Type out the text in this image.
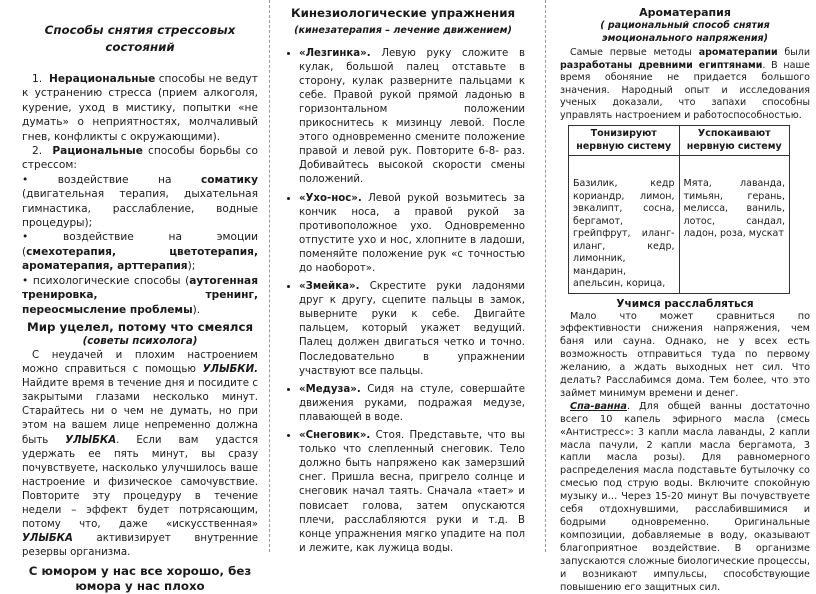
Способы снятия стрессовых состояний

1. Нерациональные способы не ведут к устранению стресса (прием алкоголя, курение, уход в мистику, попытки «не думать» о неприятностях, молчаливый гнев, конфликты с окружающими).

2. Рациональные способы борьбы со стрессом:

• воздействие на соматику (двигательная терапия, дыхательная гимнастика, расслабление, водные процедуры);

• воздействие на эмоции (смехотерапия, цветотерапия, ароматерапия, арттерапия);

• психологические способы (аутогенная тренировка, тренинг, переосмысление проблемы).

Мир уцелел, потому что смеялся

(советы психолога)

С неудачей и плохим настроением можно справиться с помощью УЛЫБКИ. Найдите время в течение дня и посидите с закрытыми глазами несколько минут. Старайтесь ни о чем не думать, но при этом на вашем лице непременно должна быть УЛЫБКА. Если вам удастся удержать ее пять минут, вы сразу почувствуете, насколько улучшилось ваше настроение и физическое самочувствие. Повторите эту процедуру в течение недели – эффект будет потрясающим, потому что, даже «искусственная» УЛЫБКА активизирует внутренние резервы организма.

С юмором у нас все хорошо, без юмора у нас плохо

Кинезиологические упражнения

(кинезатерапия – лечение движением)

• «Лезгинка». Левую руку сложите в кулак, большой палец отставьте в сторону, кулак разверните пальцами к себе. Правой рукой прямой ладонью в горизонтальном положении прикоснитесь к мизинцу левой. После этого одновременно смените положение правой и левой рук. Повторите 6-8- раз. Добивайтесь высокой скорости смены положений.
• «Ухо-нос». Левой рукой возьмитесь за кончик носа, а правой рукой за противоположное ухо. Одновременно отпустите ухо и нос, хлопните в ладоши, поменяйте положение рук «с точностью до наоборот».
• «Змейка». Скрестите руки ладонями друг к другу, сцепите пальцы в замок, выверните руки к себе. Двигайте пальцем, который укажет ведущий. Палец должен двигаться четко и точно. Последовательно в упражнении участвуют все пальцы.
• «Медуза». Сидя на стуле, совершайте движения руками, подражая медузе, плавающей в воде.
• «Снеговик». Стоя. Представьте, что вы только что слепленный снеговик. Тело должно быть напряжено как замерзший снег. Пришла весна, пригрело солнце и снеговик начал таять. Сначала «тает» и повисает голова, затем опускаются плечи, расслабляются руки и т.д. В конце упражнения мягко упадите на пол и лежите, как лужица воды.

Ароматерапия

( рациональный способ снятия эмоционального напряжения)

Самые первые методы ароматерапии были разработаны древними египтянами. В наше время обоняние не придается большого значения. Народный опыт и исследования ученых доказали, что запахи способны управлять настроением и работоспособностью.

Тонизируют нервную систему	Успокаивают нервную систему
Базилик, кедр кориандр, лимон, эвкалипт, сосна, бергамот, грейпфрут, иланг-иланг, кедр, лимонник, мандарин, апельсин, корица,	Мята, лаванда, тимьян, герань, мелисса, ваниль, лотос, сандал, ладон, роза, мускат

Учимся расслабляться

Мало что может сравниться по эффективности снижения напряжения, чем баня или сауна. Однако, не у всех есть возможность отправиться туда по первому желанию, а ждать выходных нет сил. Что делать? Расслабимся дома. Тем более, что это займет минимум времени и денег.

Спа-ванна. Для общей ванны достаточно всего 10 капель эфирного масла (смесь «Антистресс»: 3 капли масла лаванды, 2 капли масла пачули, 2 капли масла бергамота, 3 капли масла розы). Для равномерного распределения масла подставьте бутылочку со смесью под струю воды. Включите спокойную музыку и… Через 15-20 минут Вы почувствуете себя отдохнувшими, расслабившимися и бодрыми одновременно. Оригинальные композиции, добавляемые в воду, оказывают благоприятное воздействие. В организме запускаются сложные биологические процессы, и возникают импульсы, способствующие повышению его защитных сил.
